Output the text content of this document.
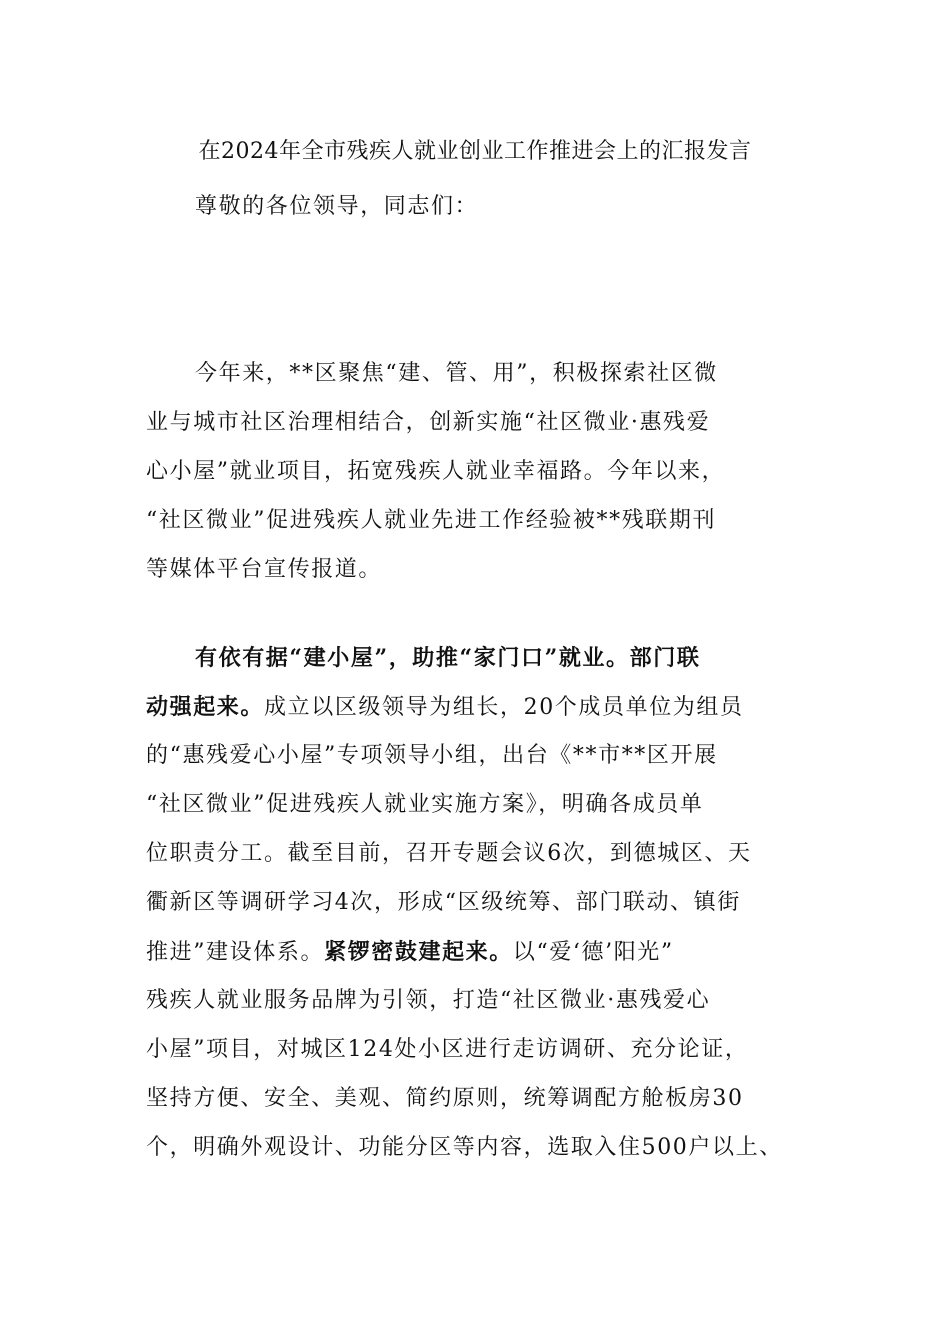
在2024年全市残疾人就业创业工作推进会上的汇报发言
尊敬的各位领导，同志们：
今年来，**区聚焦“建、管、用”，积极探索社区微
业与城市社区治理相结合，创新实施“社区微业·惠残爱
心小屋”就业项目，拓宽残疾人就业幸福路。今年以来，
“社区微业”促进残疾人就业先进工作经验被**残联期刊
等媒体平台宣传报道。
有依有据“建小屋”，助推“家门口”就业。部门联
动强起来。成立以区级领导为组长，20个成员单位为组员
的“惠残爱心小屋”专项领导小组，出台《**市**区开展
“社区微业”促进残疾人就业实施方案》，明确各成员单
位职责分工。截至目前，召开专题会议6次，到德城区、天
衢新区等调研学习4次，形成“区级统筹、部门联动、镇街
推进”建设体系。紧锣密鼓建起来。以“爱‘德’阳光”
残疾人就业服务品牌为引领，打造“社区微业·惠残爱心
小屋”项目，对城区124处小区进行走访调研、充分论证，
坚持方便、安全、美观、简约原则，统筹调配方舱板房30
个，明确外观设计、功能分区等内容，选取入住500户以上、
